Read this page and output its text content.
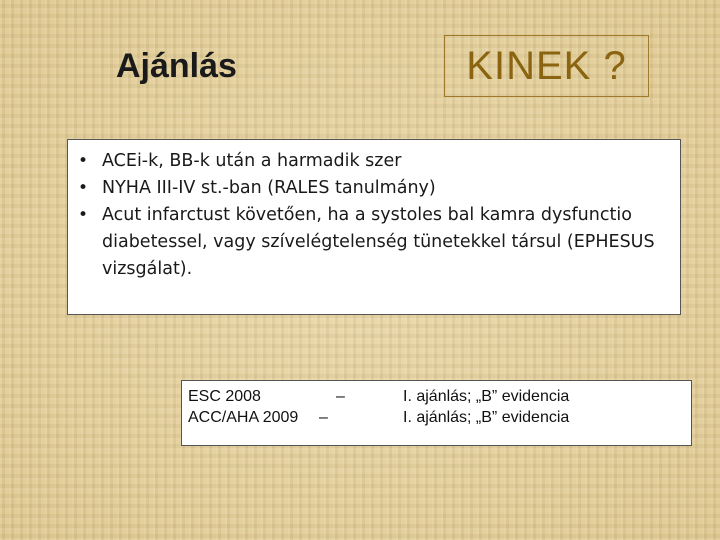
Ajánlás	KINEK ?
• ACEi-k, BB-k után a harmadik szer
• NYHA III-IV st.-ban (RALES tanulmány)
• Acut infarctust követően, ha a systoles bal kamra dysfunctio diabetessel, vagy szívelégtelenség tünetekkel társul (EPHESUS vizsgálat).
ESC 2008	–	I. ajánlás; „B” evidencia
ACC/AHA 2009 –	I. ajánlás; „B” evidencia
